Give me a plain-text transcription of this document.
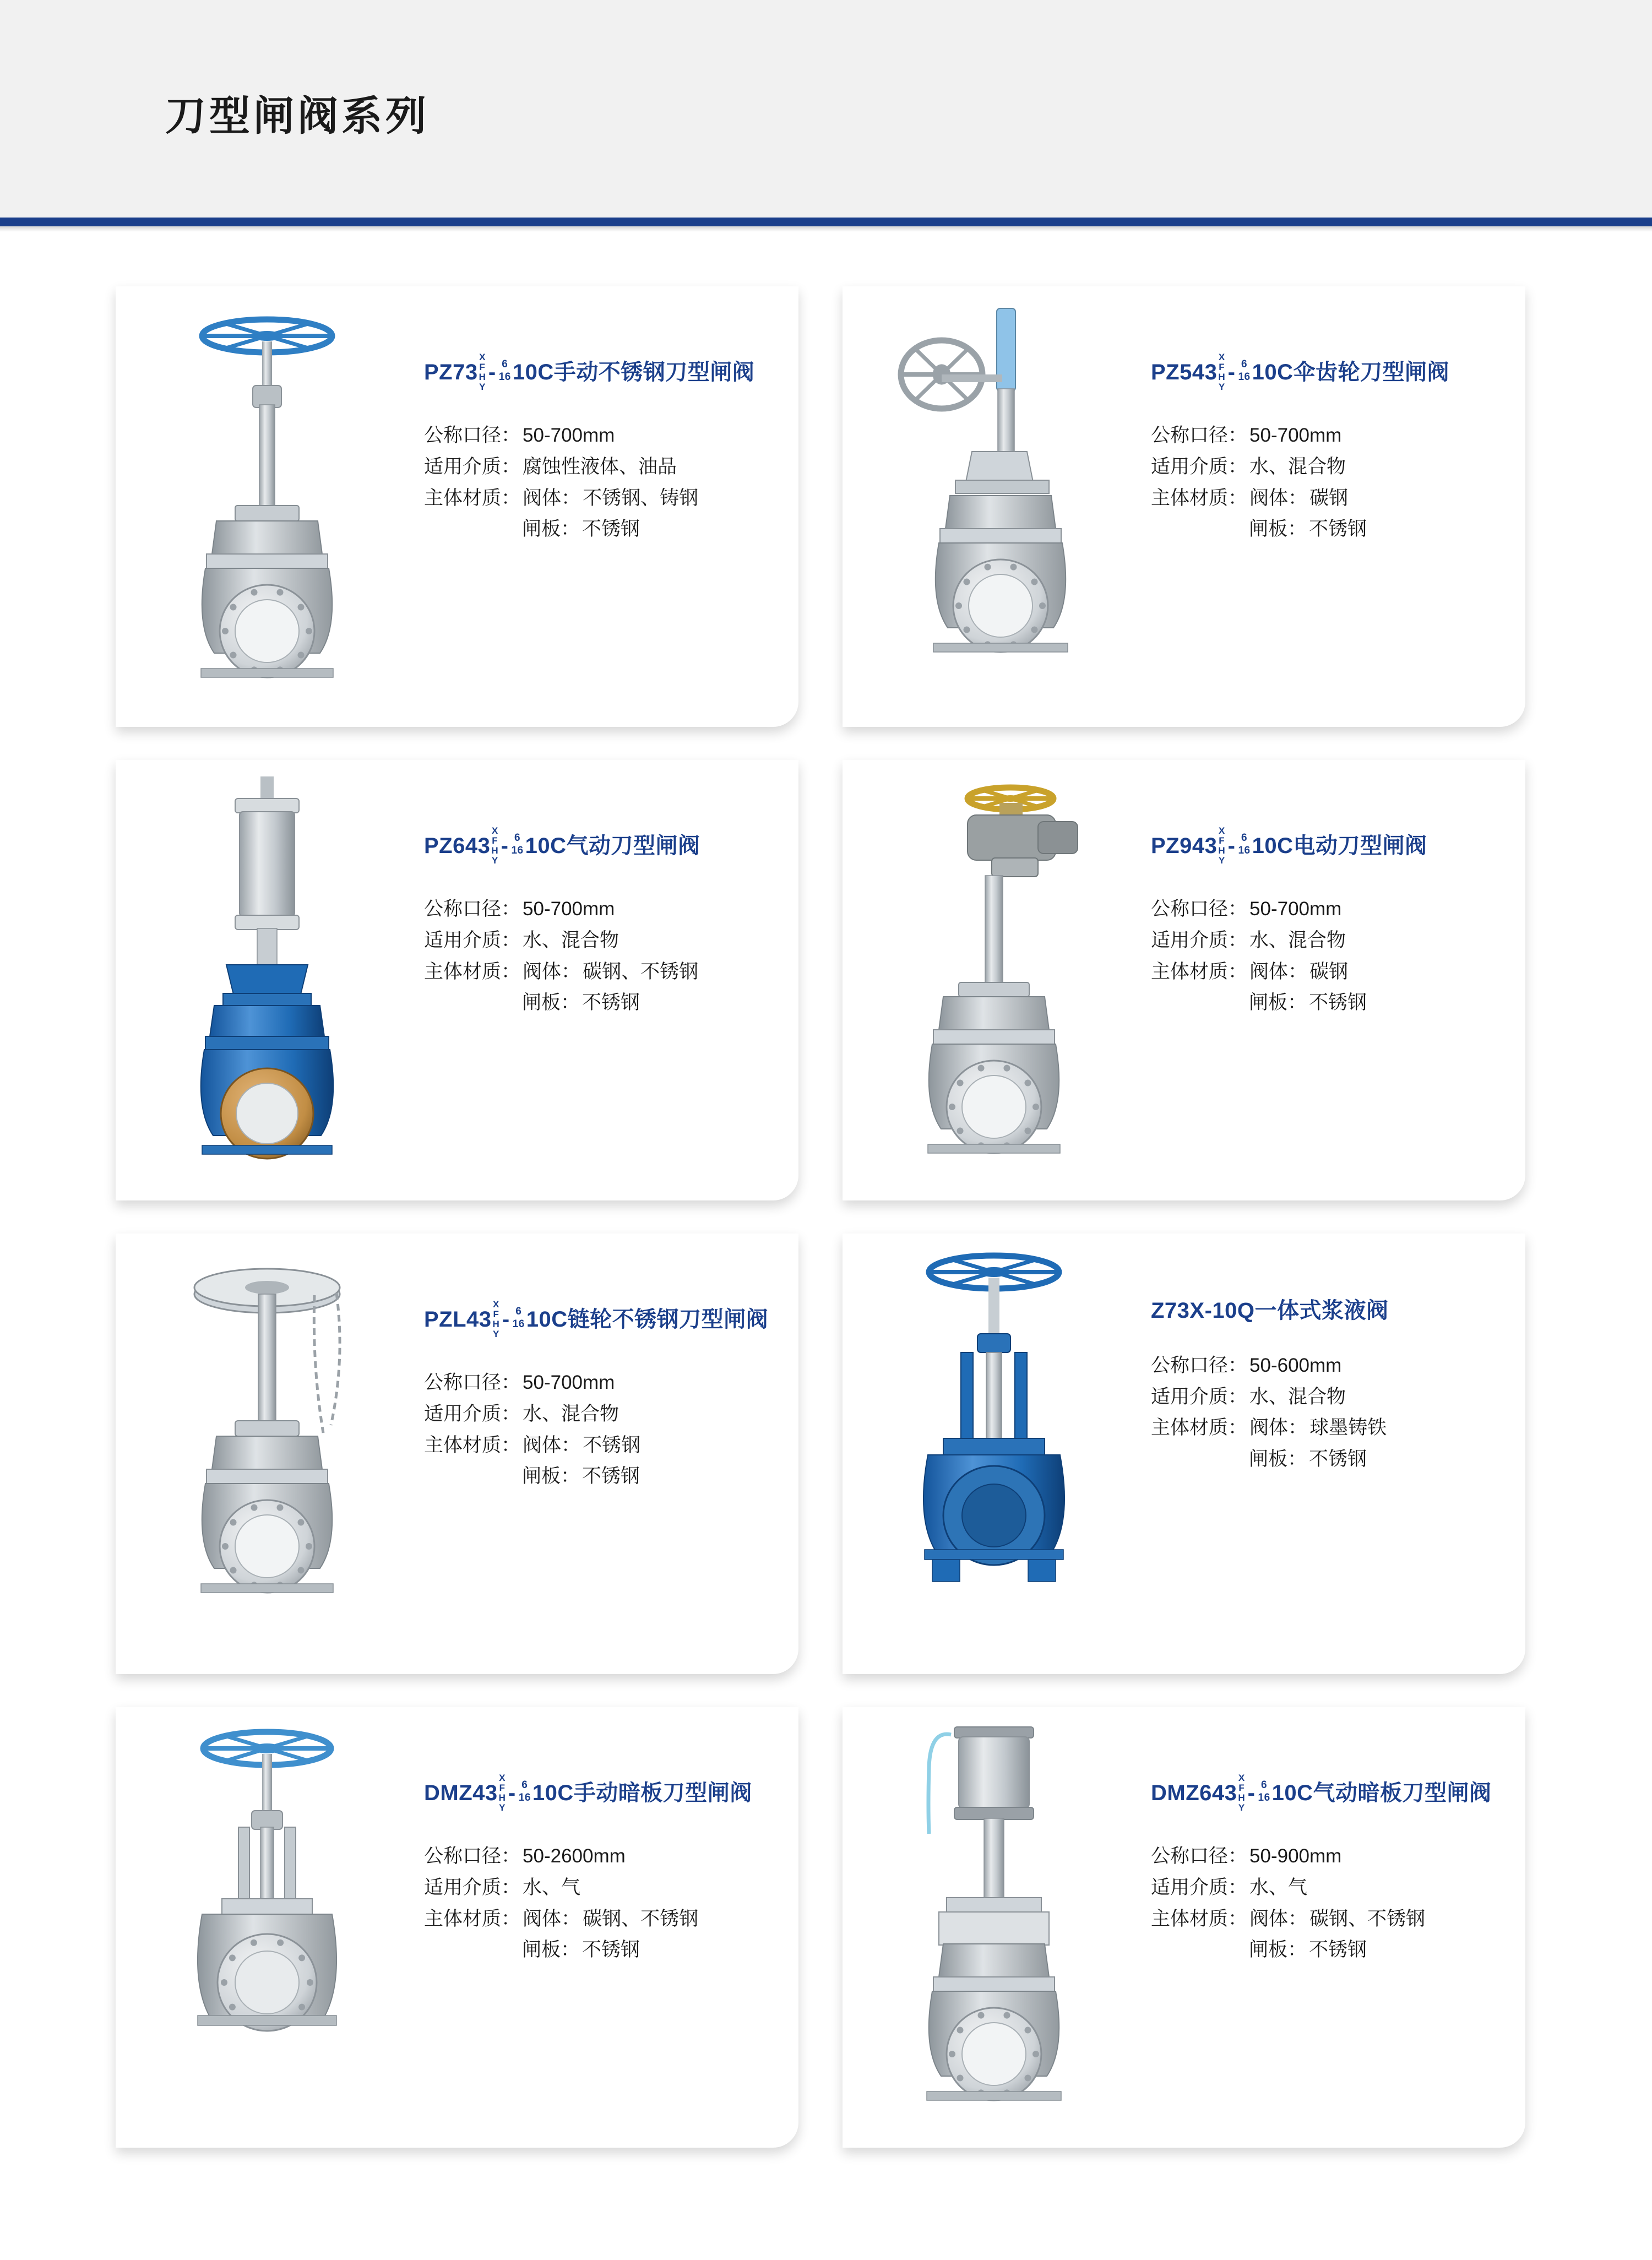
刀型闸阀系列
PZ73
X
F
H
Y
- 6
16 10C 手动不锈钢刀型闸阀
公称口径 ： 50-700mm
适用介质 ： 腐蚀性液体、油品
主体材质 ： 阀体 ： 不锈钢、铸钢
闸板 ： 不锈钢
PZ543
X
F
H
Y
- 6
16 10C 伞齿轮刀型闸阀
公称口径 ： 50-700mm
适用介质 ： 水、混合物
主体材质 ： 阀体 ： 碳钢
闸板 ： 不锈钢
PZ643
X
F
H
Y
- 6
16 10C 气动刀型闸阀
公称口径 ： 50-700mm
适用介质 ： 水、混合物
主体材质 ： 阀体 ： 碳钢、不锈钢
闸板 ： 不锈钢
PZ943
X
F
H
Y
- 6
16 10C 电动刀型闸阀
公称口径 ： 50-700mm
适用介质 ： 水、混合物
主体材质 ： 阀体 ： 碳钢
闸板 ： 不锈钢
PZL43
X
F
H
Y
- 6
16 10C 链轮不锈钢刀型闸阀
公称口径 ： 50-700mm
适用介质 ： 水、混合物
主体材质 ： 阀体 ： 不锈钢
闸板 ： 不锈钢
Z73X-10Q 一体式浆液阀
公称口径 ： 50-600mm
适用介质 ： 水、混合物
主体材质 ： 阀体 ： 球墨铸铁
闸板 ： 不锈钢
DMZ43
X
F
H
Y
- 6
16 10C 手动暗板刀型闸阀
公称口径 ： 50-2600mm
适用介质 ： 水、气
主体材质 ： 阀体 ： 碳钢、不锈钢
闸板 ： 不锈钢
DMZ643
X
F
H
Y
- 6
16 10C 气动暗板刀型闸阀
公称口径 ： 50-900mm
适用介质 ： 水、气
主体材质 ： 阀体 ： 碳钢、不锈钢
闸板 ： 不锈钢
